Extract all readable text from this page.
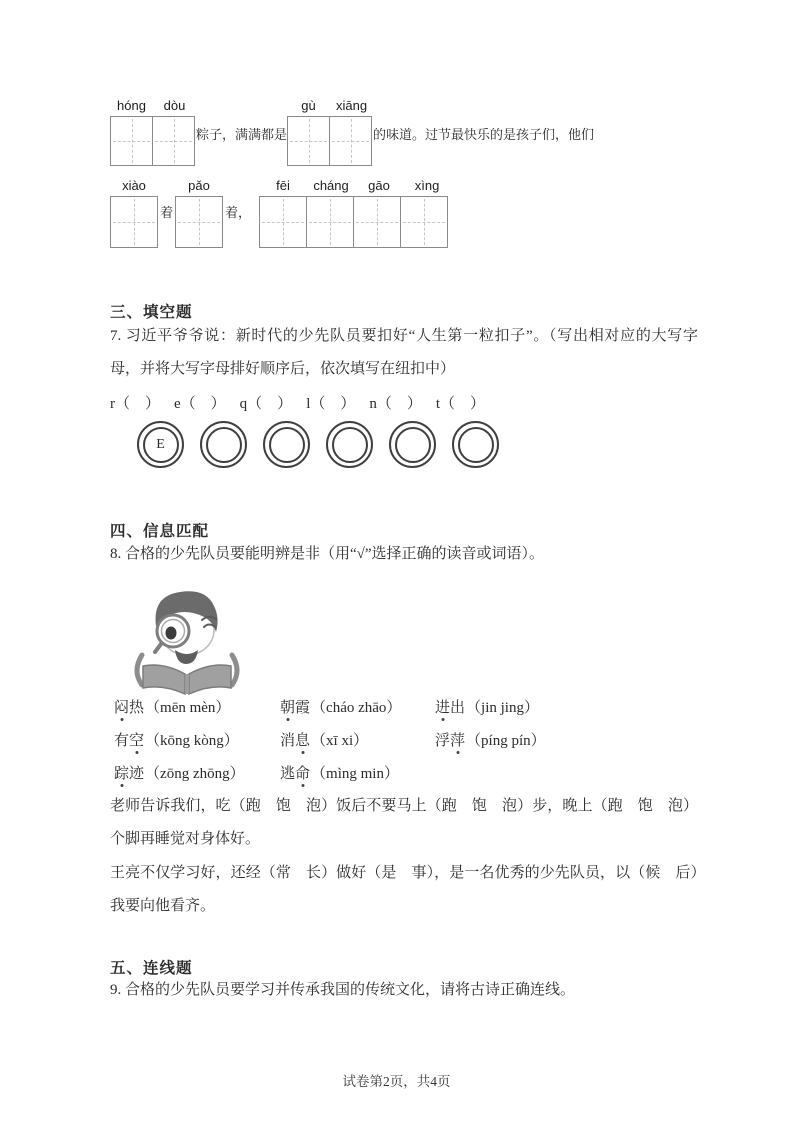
hóng	dòu
粽子，满满都是
gù	xiāng
的味道。过节最快乐的是孩子们，他们
xiào
着
pǎo
着，
fēi	cháng	gāo	xìng
三、填空题
7. 习近平爷爷说：新时代的少先队员要扣好“人生第一粒扣子”。（写出相对应的大写字母，并将大写字母排好顺序后，依次填写在纽扣中）
r（　） e（　） q（　） l（　） n（　） t（　）
E
四、信息匹配
8. 合格的少先队员要能明辨是非（用“√”选择正确的读音或词语）。
闷热（mēn mèn）	朝霞（cháo zhāo）	进出（jin jing）
有空（kōng kòng）	消息（xī xi）	浮萍（píng pín）
踪迹（zōng zhōng）	逃命（mìng min）
老师告诉我们，吃（跑　饱　泡）饭后不要马上（跑　饱　泡）步，晚上（跑　饱　泡）个脚再睡觉对身体好。
王亮不仅学习好，还经（常　长）做好（是　事），是一名优秀的少先队员，以（候　后）我要向他看齐。
五、连线题
9. 合格的少先队员要学习并传承我国的传统文化，请将古诗正确连线。
试卷第2页，共4页
